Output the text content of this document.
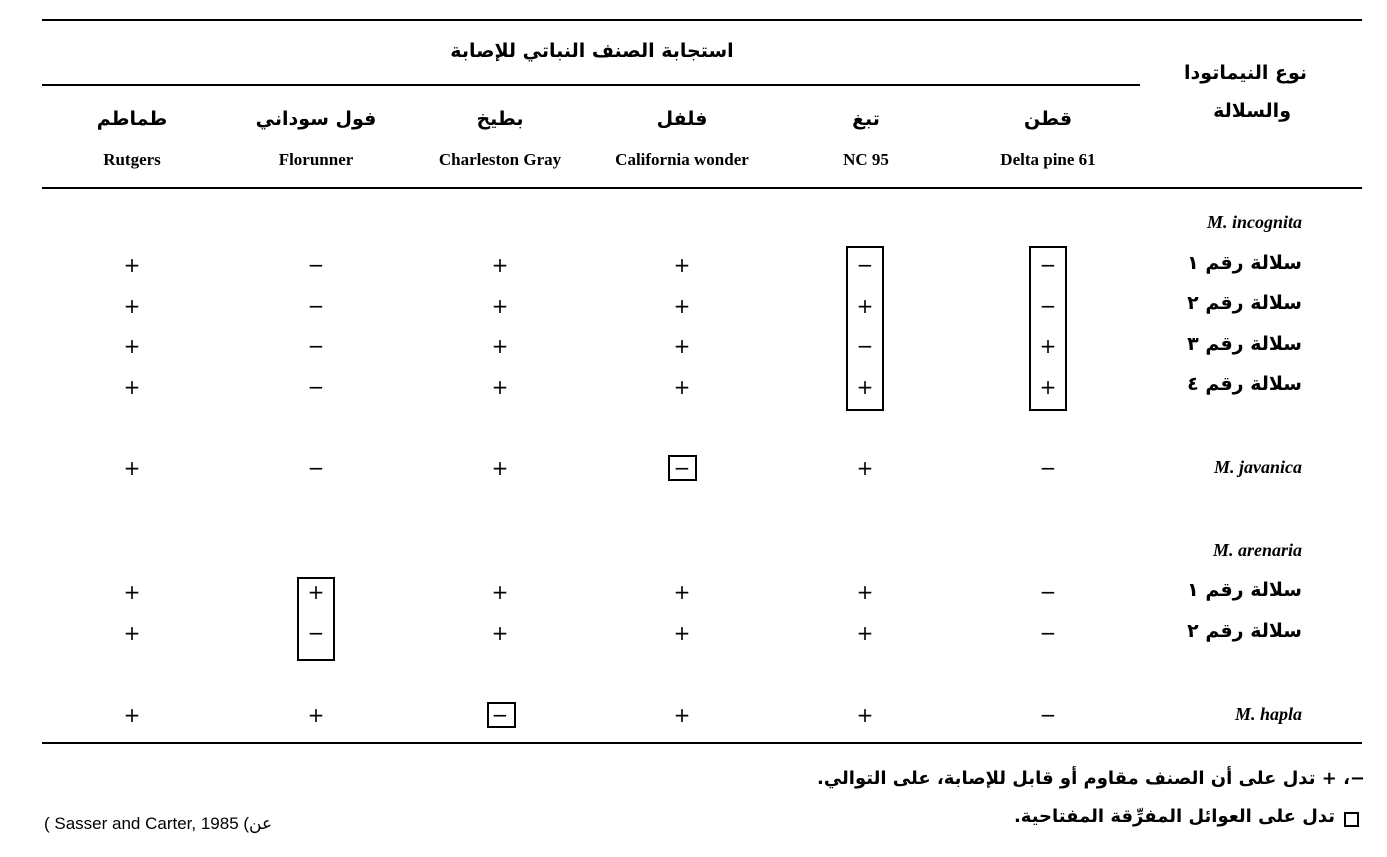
نوع النيماتودا
والسلالة
استجابة الصنف النباتي للإصابة
قطن
Delta pine 61
تبغ
NC 95
فلفل
California wonder
بطيخ
Charleston Gray
فول سوداني
Florunner
طماطم
Rutgers
M. incognita
سلالة رقم ١
سلالة رقم ٢
سلالة رقم ٣
سلالة رقم ٤
M. javanica
M. arenaria
سلالة رقم ١
سلالة رقم ٢
M. hapla
−
−
+
+
−
+
−
+
+
+
−
+
+
−
+
+
−
+
+
+
+
+
−
+
−
+
−
+
−
+
−
+
+
+
+
+
−
+
+
+
−
+
−
+
+
−
+
+
−، + تدل على أن الصنف مقاوم أو قابل للإصابة، على التوالي.
تدل على العوائل المفرِّقة المفتاحية.
( Sasser and Carter, 1985 (عن
